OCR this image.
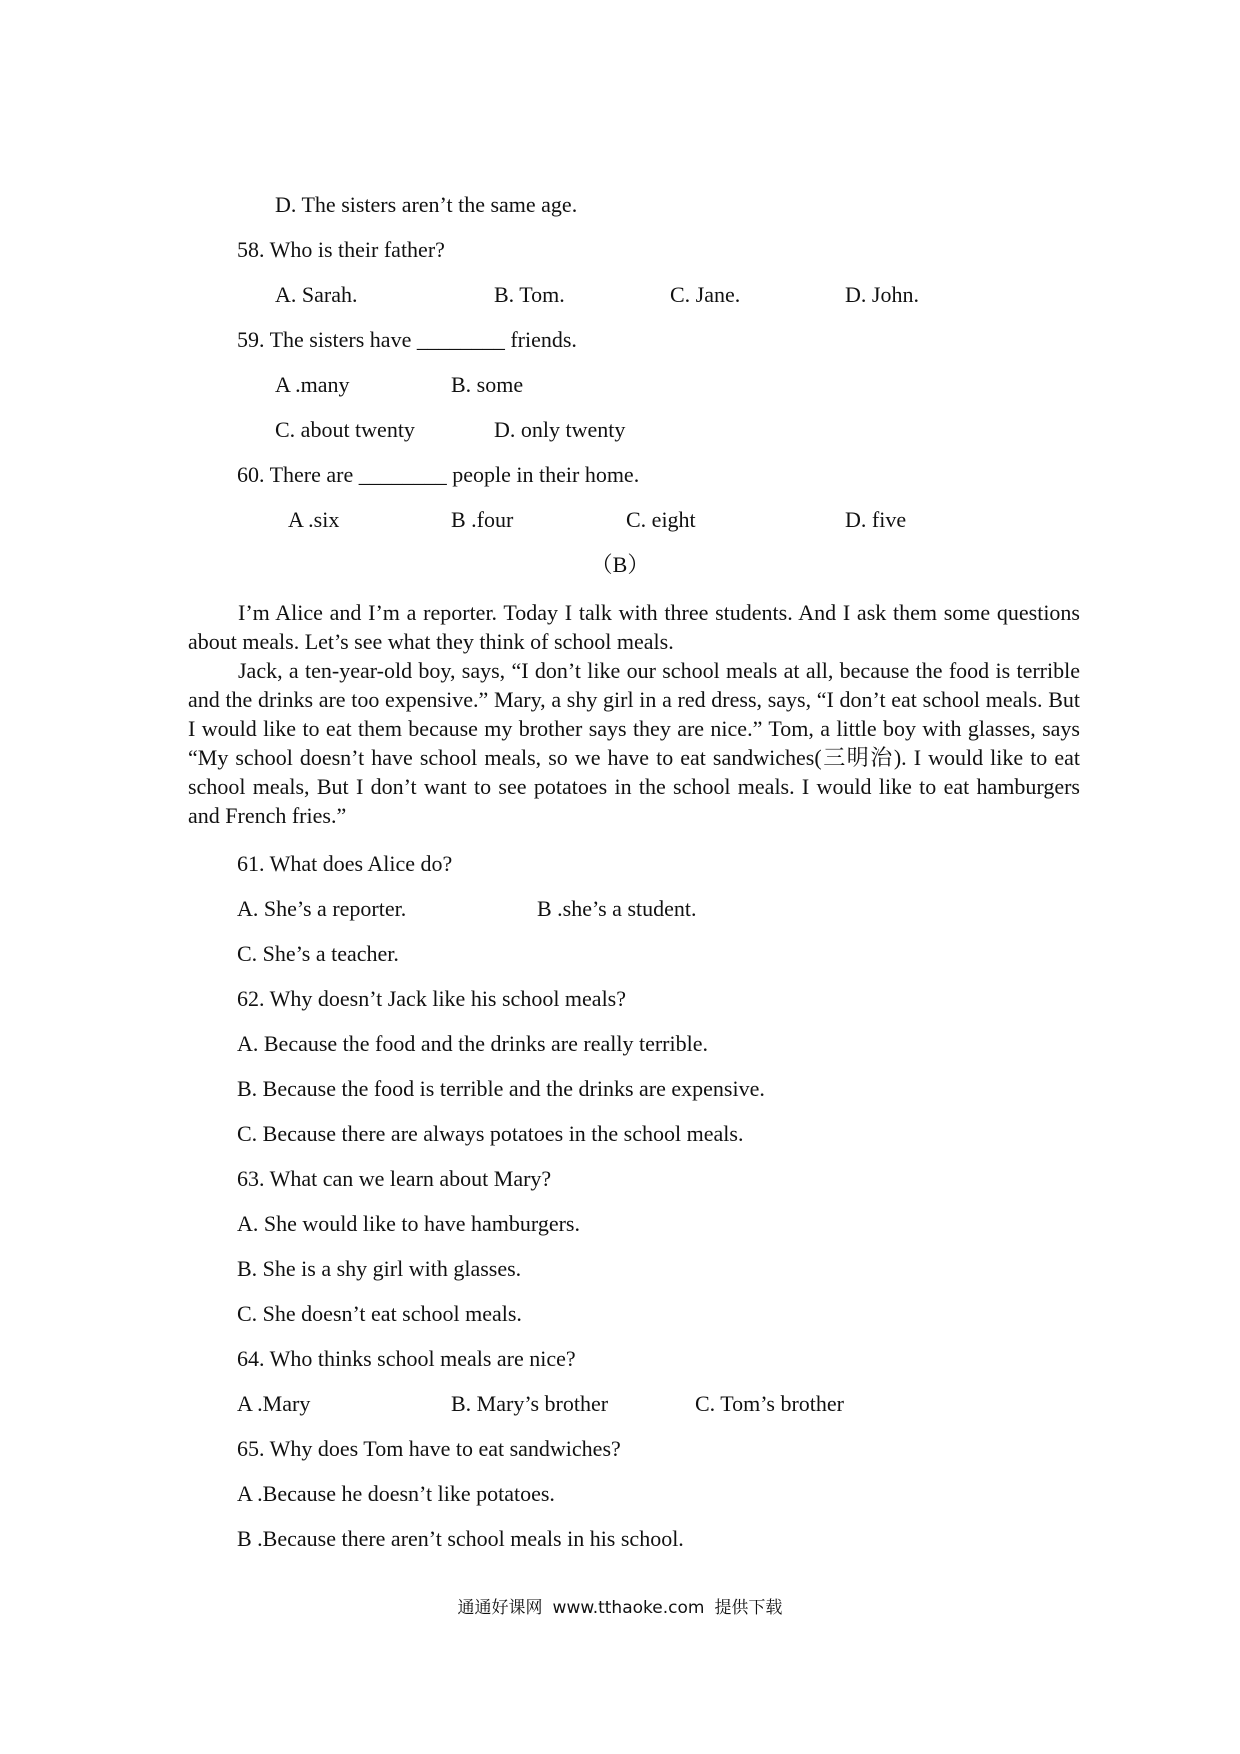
D. The sisters aren’t the same age.
58. Who is their father?
A. Sarah.	B. Tom.	C. Jane.	D. John.
59. The sisters have ________ friends.
A .many	B. some
C. about twenty	D. only twenty
60. There are ________ people in their home.
A .six	B .four	C. eight	D. five
（B）

I’m Alice and I’m a reporter. Today I talk with three students. And I ask them some questions about meals. Let’s see what they think of school meals.

Jack, a ten-year-old boy, says, “I don’t like our school meals at all, because the food is terrible and the drinks are too expensive.” Mary, a shy girl in a red dress, says, “I don’t eat school meals. But I would like to eat them because my brother says they are nice.” Tom, a little boy with glasses, says “My school doesn’t have school meals, so we have to eat sandwiches(三明治). I would like to eat school meals, But I don’t want to see potatoes in the school meals. I would like to eat hamburgers and French fries.”

61. What does Alice do?
A. She’s a reporter.	B .she’s a student.
C. She’s a teacher.
62. Why doesn’t Jack like his school meals?
A. Because the food and the drinks are really terrible.
B. Because the food is terrible and the drinks are expensive.
C. Because there are always potatoes in the school meals.
63. What can we learn about Mary?
A. She would like to have hamburgers.
B. She is a shy girl with glasses.
C. She doesn’t eat school meals.
64. Who thinks school meals are nice?
A .Mary	B. Mary’s brother	C. Tom’s brother
65. Why does Tom have to eat sandwiches?
A .Because he doesn’t like potatoes.
B .Because there aren’t school meals in his school.
通通好课网 www.tthaoke.com 提供下载
